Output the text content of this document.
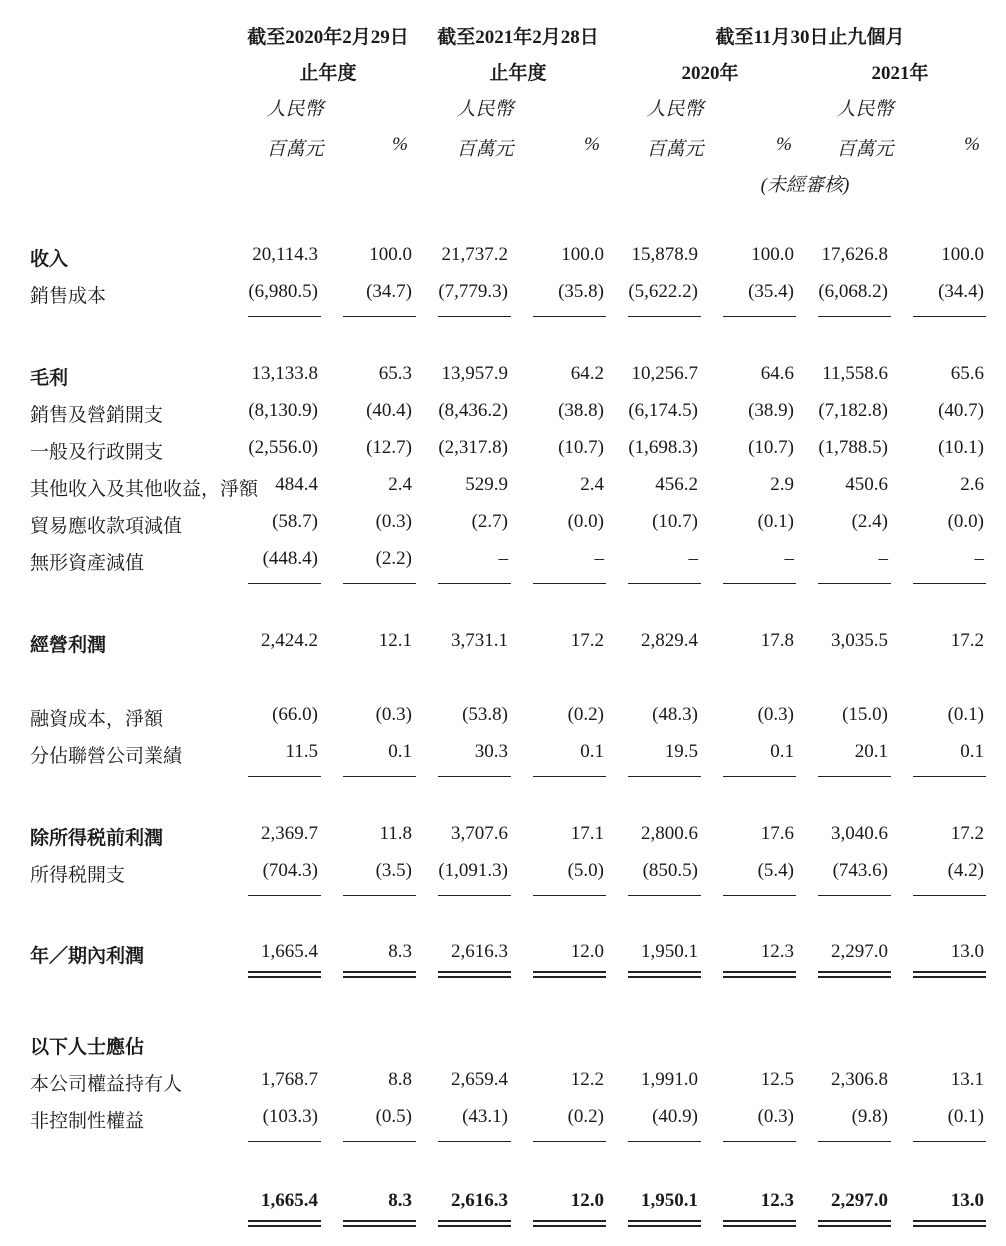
截至2020年2月29日
止年度
截至2021年2月28日
止年度
截至11月30日止九個月
2020年	2021年
人民幣
百萬元	%
人民幣
百萬元	%
人民幣
百萬元	%
人民幣
百萬元	%
(未經審核)
收入	20,114.3	100.0	21,737.2	100.0	15,878.9	100.0	17,626.8	100.0
銷售成本	(6,980.5)	(34.7)	(7,779.3)	(35.8)	(5,622.2)	(35.4)	(6,068.2)	(34.4)
毛利	13,133.8	65.3	13,957.9	64.2	10,256.7	64.6	11,558.6	65.6
銷售及營銷開支	(8,130.9)	(40.4)	(8,436.2)	(38.8)	(6,174.5)	(38.9)	(7,182.8)	(40.7)
一般及行政開支	(2,556.0)	(12.7)	(2,317.8)	(10.7)	(1,698.3)	(10.7)	(1,788.5)	(10.1)
其他收入及其他收益，淨額 484.4	2.4	529.9	2.4	456.2	2.9	450.6	2.6
貿易應收款項減值	(58.7)	(0.3)	(2.7)	(0.0)	(10.7)	(0.1)	(2.4)	(0.0)
無形資產減值	(448.4)	(2.2)	–	–	–	–	–	–
經營利潤	2,424.2	12.1	3,731.1	17.2	2,829.4	17.8	3,035.5	17.2
融資成本，淨額	(66.0)	(0.3)	(53.8)	(0.2)	(48.3)	(0.3)	(15.0)	(0.1)
分佔聯營公司業績	11.5	0.1	30.3	0.1	19.5	0.1	20.1	0.1
除所得税前利潤	2,369.7	11.8	3,707.6	17.1	2,800.6	17.6	3,040.6	17.2
所得税開支	(704.3)	(3.5)	(1,091.3)	(5.0)	(850.5)	(5.4)	(743.6)	(4.2)
年／期內利潤	1,665.4	8.3	2,616.3	12.0	1,950.1	12.3	2,297.0	13.0
以下人士應佔
本公司權益持有人	1,768.7	8.8	2,659.4	12.2	1,991.0	12.5	2,306.8	13.1
非控制性權益	(103.3)	(0.5)	(43.1)	(0.2)	(40.9)	(0.3)	(9.8)	(0.1)
1,665.4	8.3	2,616.3	12.0	1,950.1	12.3	2,297.0	13.0
